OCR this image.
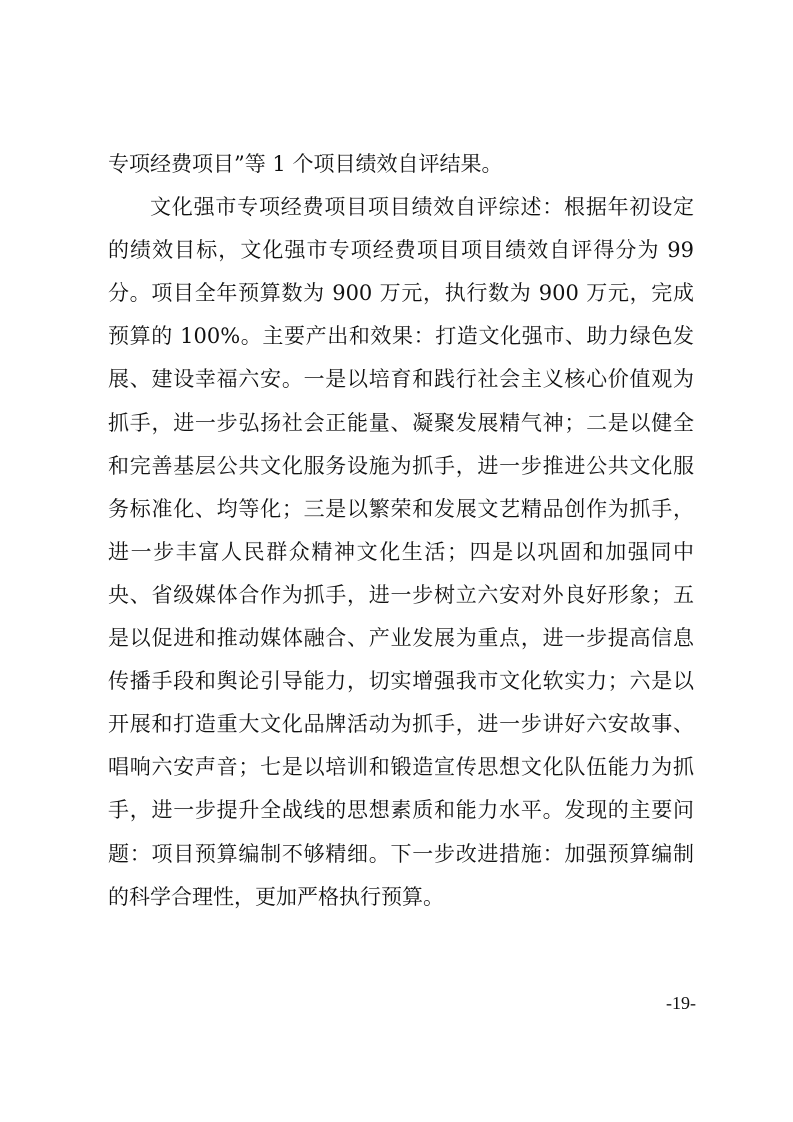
专项经费项目”等 1 个项目绩效自评结果。

文化强市专项经费项目项目绩效自评综述：根据年初设定的绩效目标，文化强市专项经费项目项目绩效自评得分为 99 分。项目全年预算数为 900 万元，执行数为 900 万元，完成预算的 100%。主要产出和效果：打造文化强市、助力绿色发展、建设幸福六安。一是以培育和践行社会主义核心价值观为抓手，进一步弘扬社会正能量、凝聚发展精气神；二是以健全和完善基层公共文化服务设施为抓手，进一步推进公共文化服务标准化、均等化；三是以繁荣和发展文艺精品创作为抓手，进一步丰富人民群众精神文化生活；四是以巩固和加强同中央、省级媒体合作为抓手，进一步树立六安对外良好形象；五是以促进和推动媒体融合、产业发展为重点，进一步提高信息传播手段和舆论引导能力，切实增强我市文化软实力；六是以开展和打造重大文化品牌活动为抓手，进一步讲好六安故事、唱响六安声音；七是以培训和锻造宣传思想文化队伍能力为抓手，进一步提升全战线的思想素质和能力水平。发现的主要问题：项目预算编制不够精细。下一步改进措施：加强预算编制的科学合理性，更加严格执行预算。

-19-
